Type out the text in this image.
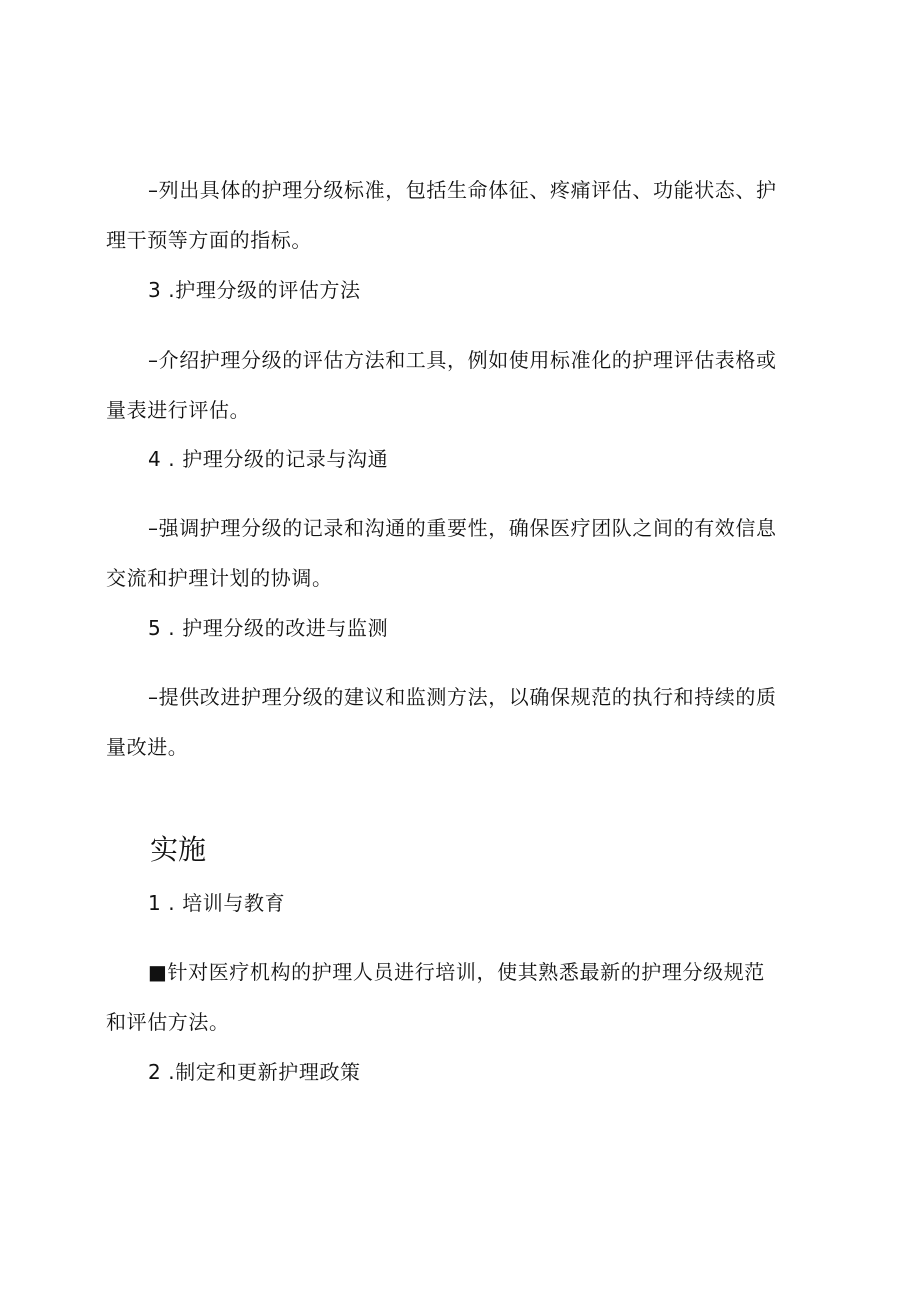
–列出具体的护理分级标准，包括生命体征、疼痛评估、功能状态、护
理干预等方面的指标。
3 .护理分级的评估方法
–介绍护理分级的评估方法和工具，例如使用标准化的护理评估表格或
量表进行评估。
4 . 护理分级的记录与沟通
–强调护理分级的记录和沟通的重要性，确保医疗团队之间的有效信息
交流和护理计划的协调。
5 . 护理分级的改进与监测
–提供改进护理分级的建议和监测方法，以确保规范的执行和持续的质
量改进。
实施
1 . 培训与教育
■针对医疗机构的护理人员进行培训，使其熟悉最新的护理分级规范
和评估方法。
2 .制定和更新护理政策
